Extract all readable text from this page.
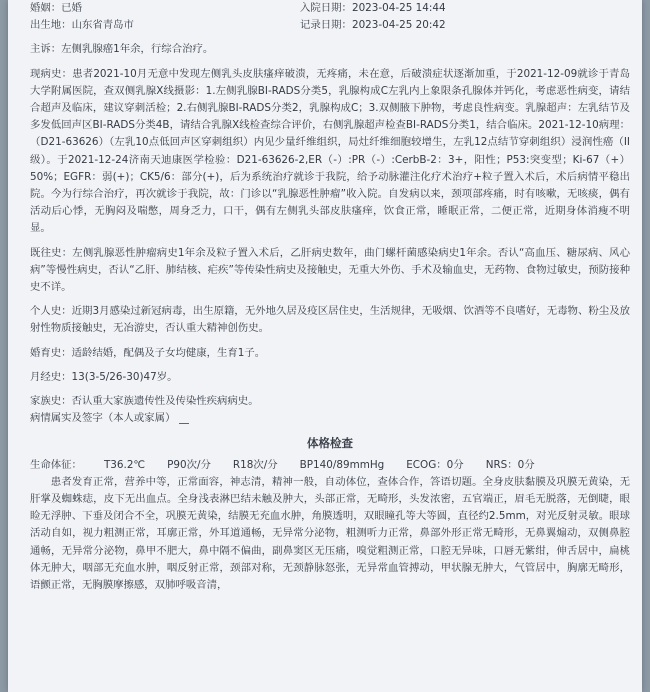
婚姻：已婚	入院日期：2023-04-25 14:44
出生地：山东省青岛市	记录日期：2023-04-25 20:42

主诉：左侧乳腺癌1年余，行综合治疗。

现病史：患者2021-10月无意中发现左侧乳头皮肤瘙痒破溃，无疼痛，未在意，后破溃症状逐渐加重，于2021-12-09就诊于青岛大学附属医院，查双侧乳腺X线摄影：1.左侧乳腺BI-RADS分类5，乳腺构成C左乳内上象限条孔腺体并钙化，考虑恶性病变，请结合超声及临床，建议穿刺活检；2.右侧乳腺BI-RADS分类2，乳腺构成C；3.双侧腋下肿物，考虑良性病变。乳腺超声：左乳结节及多发低回声区BI-RADS分类4B，请结合乳腺X线检查综合评价，右侧乳腺超声检查BI-RADS分类1，结合临床。2021-12-10病理：（D21-63626）（左乳10点低回声区穿刺组织）内见少量纤维组织，局灶纤维细胞较增生，左乳12点结节穿刺组织）浸润性癌（II级）。于2021-12-24济南天迪康医学检验：D21-63626-2,ER（-）:PR（-）:CerbB-2：3+，阳性；P53:突变型；Ki-67（+）50%；EGFR：弱(+)；CK5/6：部分(+)，后为系统治疗就诊于我院，给予动脉灌注化疗术治疗+粒子置入术后，术后病情平稳出院。今为行综合治疗，再次就诊于我院，故：门诊以“乳腺恶性肿瘤”收入院。自发病以来，颈项部疼痛，时有咳嗽，无咳痰，偶有活动后心悸，无胸闷及喘憋，周身乏力，口干，偶有左侧乳头部皮肤瘙痒，饮食正常，睡眠正常，二便正常，近期身体消瘦不明显。

既往史：左侧乳腺恶性肿瘤病史1年余及粒子置入术后，乙肝病史数年，曲门螺杆菌感染病史1年余。否认“高血压、糖尿病、风心病”等慢性病史，否认“乙肝、肺结核、疟疾”等传染性病史及接触史，无重大外伤、手术及输血史，无药物、食物过敏史，预防接种史不详。

个人史：近期3月感染过新冠病毒，出生原籍，无外地久居及疫区居住史，生活规律，无吸烟、饮酒等不良嗜好，无毒物、粉尘及放射性物质接触史，无冶游史，否认重大精神创伤史。

婚育史：适龄结婚，配偶及子女均健康，生育1子。

月经史：13(3-5/26-30)47岁。

家族史：否认重大家族遗传性及传染性疾病病史。

病情属实及签字（本人或家属）

体格检查
生命体征： T36.2℃ P90次/分 R18次/分 BP140/89mmHg ECOG：0分 NRS：0分

患者发育正常，营养中等，正常面容，神志清，精神一般，自动体位，查体合作，答语切题。全身皮肤黏膜及巩膜无黄染，无肝掌及蜘蛛痣，皮下无出血点。全身浅表淋巴结未触及肿大，头部正常，无畸形，头发浓密，五官端正，眉毛无脱落，无倒睫，眼睑无浮肿、下垂及闭合不全，巩膜无黄染，结膜无充血水肿，角膜透明，双眼瞳孔等大等圆，直径约2.5mm，对光反射灵敏。眼球活动自如，视力粗测正常，耳廓正常，外耳道通畅，无异常分泌物，粗测听力正常，鼻部外形正常无畸形，无鼻翼煽动，双侧鼻腔通畅，无异常分泌物，鼻甲不肥大，鼻中隔不偏曲，副鼻窦区无压痛，嗅觉粗测正常，口腔无异味，口唇无紫绀，伸舌居中，扁桃体无肿大，咽部无充血水肿，咽反射正常，颈部对称，无颈静脉怒张，无异常血管搏动，甲状腺无肿大，气管居中，胸廓无畸形，语颤正常，无胸膜摩擦感，双肺呼吸音清，
